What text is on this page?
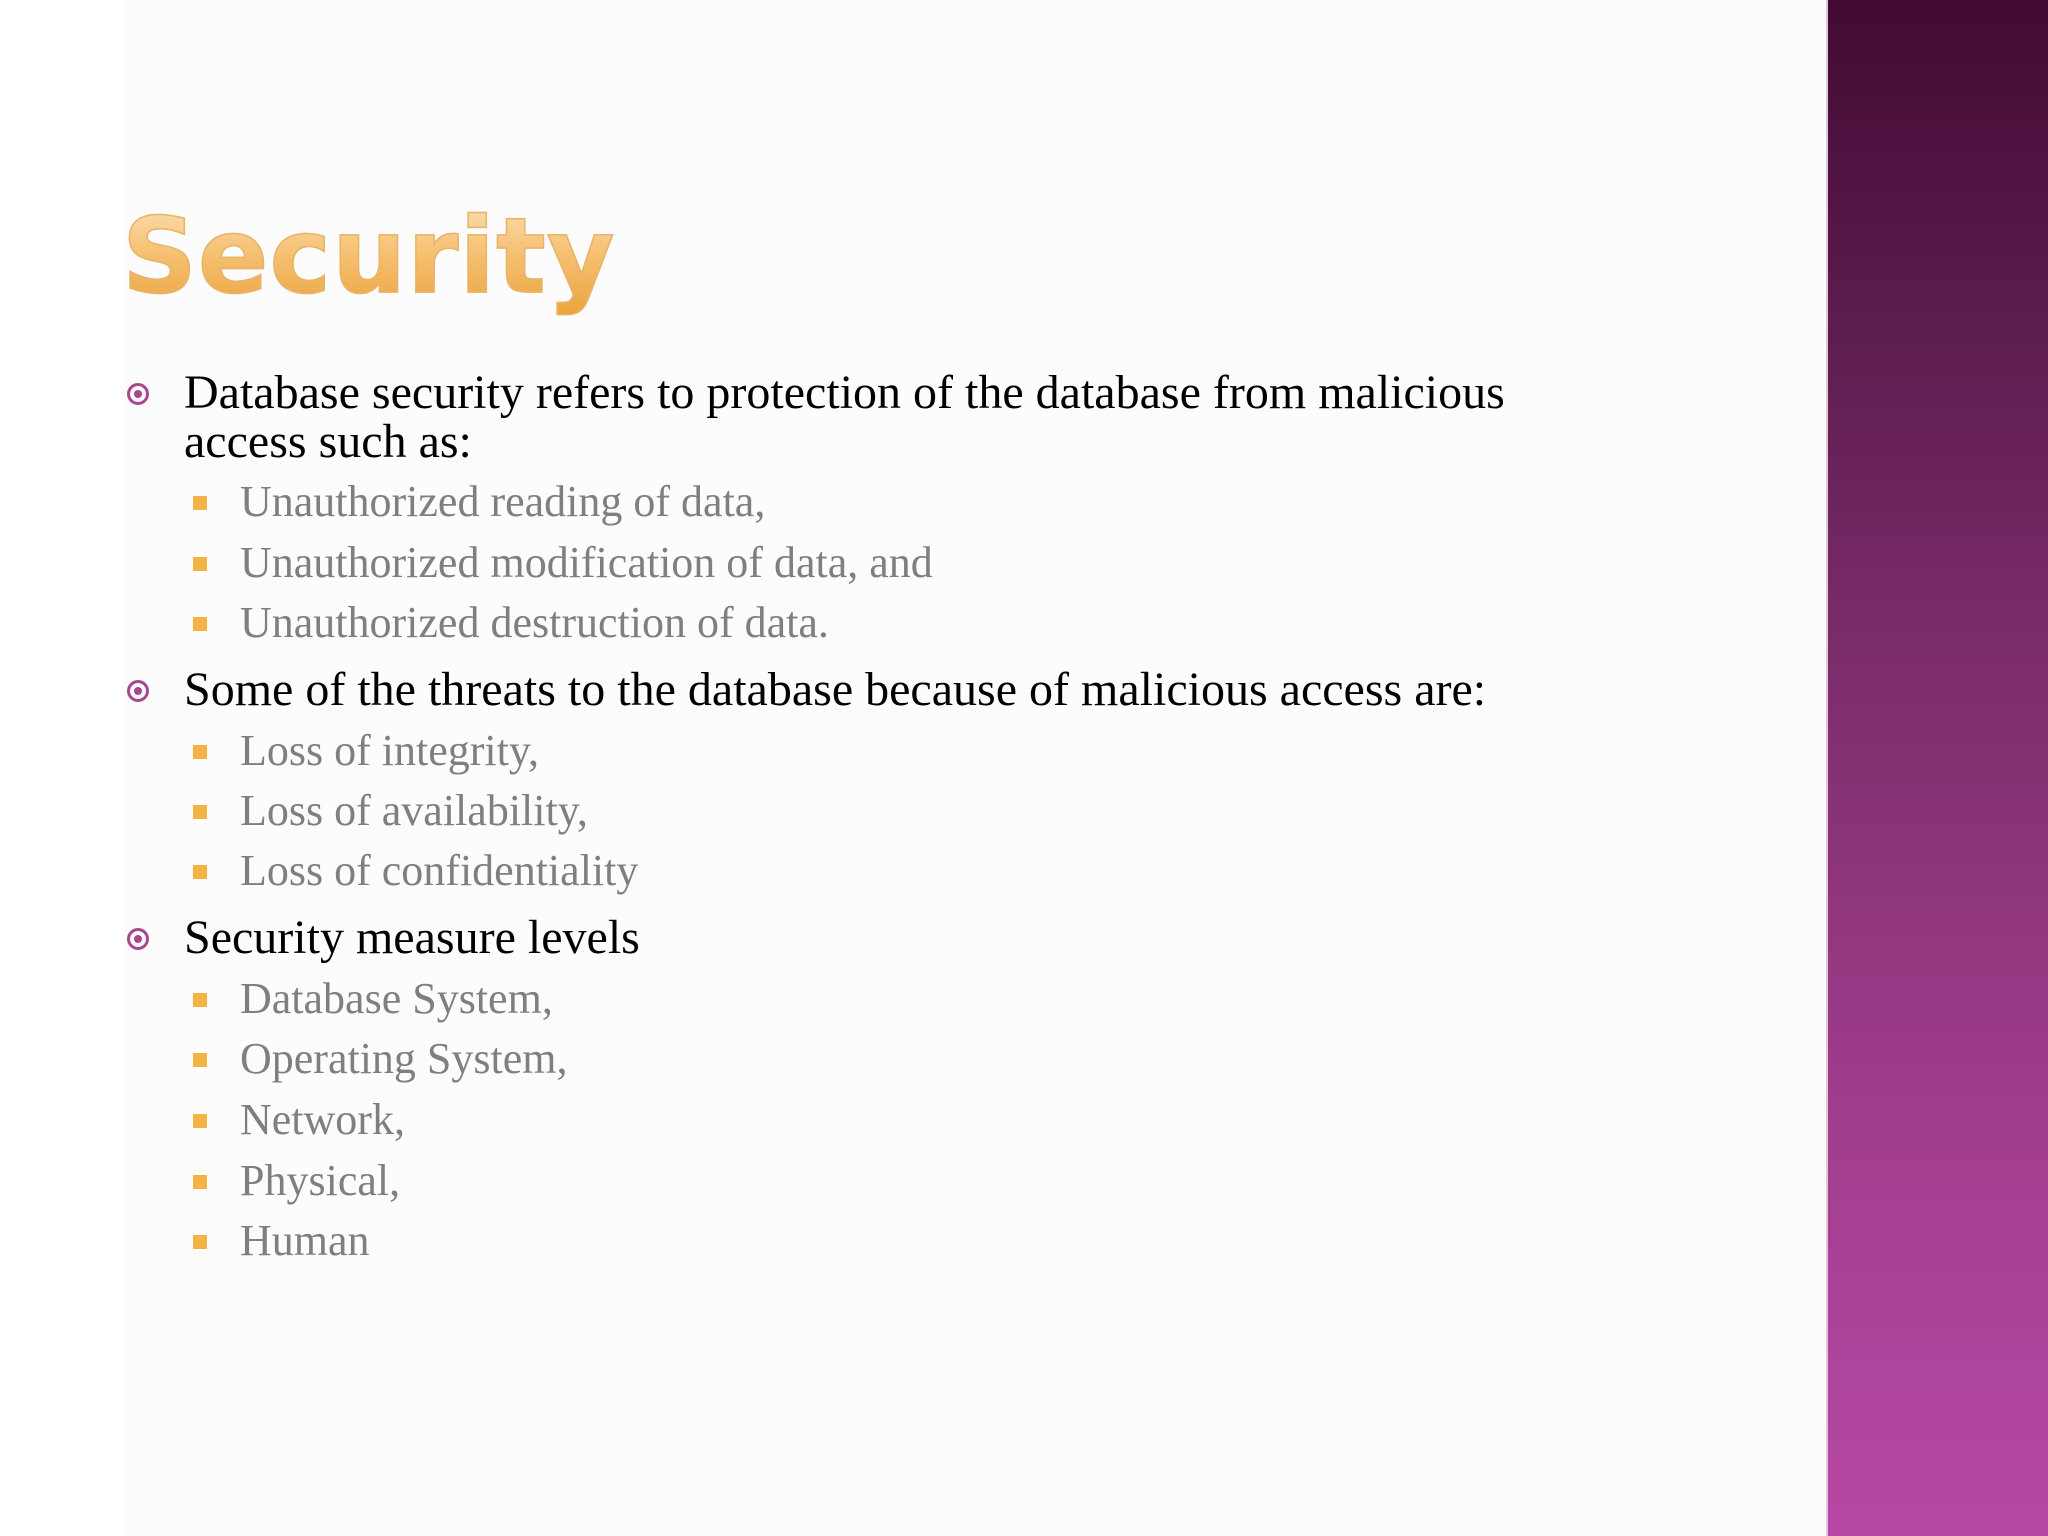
Security
Database security refers to protection of the database from malicious access such as:
Unauthorized reading of data,
Unauthorized modification of data, and
Unauthorized destruction of data.
Some of the threats to the database because of malicious access are:
Loss of integrity,
Loss of availability,
Loss of confidentiality
Security measure levels
Database System,
Operating System,
Network,
Physical,
Human
